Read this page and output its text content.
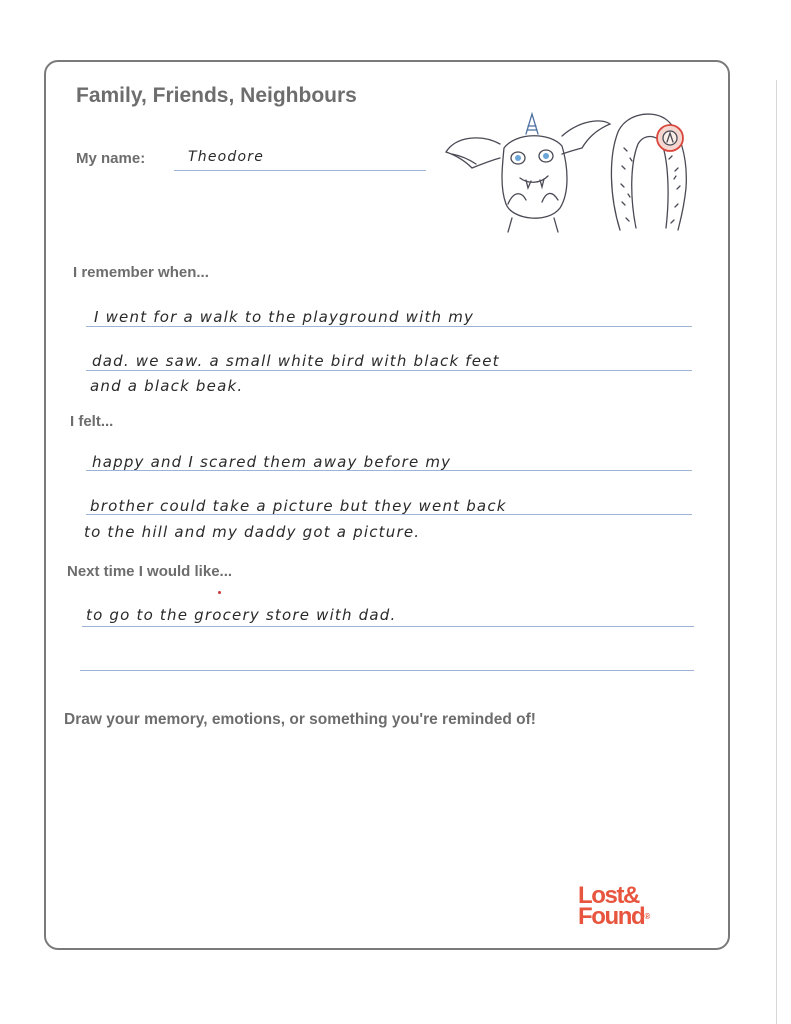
Family, Friends, Neighbours
My name:	Theodore
I remember when...
I went for a walk to the playground with my
dad. we saw. a small white bird with black feet
and a black beak.
I felt...
happy and I scared them away before my
brother could take a picture but they went back
to the hill and my daddy got a picture.
Next time I would like...
to go to the grocery store with dad.
Draw your memory, emotions, or something you're reminded of!
Lost&
Found®
